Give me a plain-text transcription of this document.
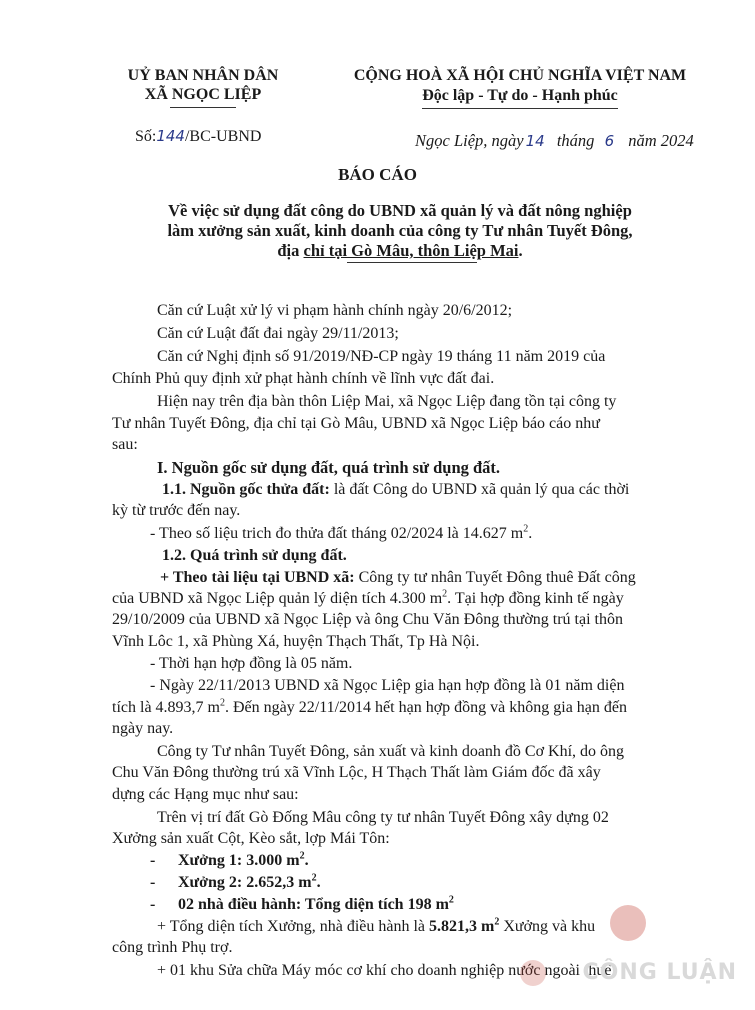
UỶ BAN NHÂN DÂN
XÃ NGỌC LIỆP
CỘNG HOÀ XÃ HỘI CHỦ NGHĨA VIỆT NAM
Độc lập - Tự do - Hạnh phúc
Số:144/BC-UBND	Ngọc Liệp, ngày 14 tháng 6 năm 2024
BÁO CÁO
Về việc sử dụng đất công do UBND xã quản lý và đất nông nghiệp
làm xưởng sản xuất, kinh doanh của công ty Tư nhân Tuyết Đông,
địa chỉ tại Gò Mâu, thôn Liệp Mai.
Căn cứ Luật xử lý vi phạm hành chính ngày 20/6/2012;
Căn cứ Luật đất đai ngày 29/11/2013;
Căn cứ Nghị định số 91/2019/NĐ-CP ngày 19 tháng 11 năm 2019 của
Chính Phủ quy định xử phạt hành chính về lĩnh vực đất đai.
Hiện nay trên địa bàn thôn Liệp Mai, xã Ngọc Liệp đang tồn tại công ty
Tư nhân Tuyết Đông, địa chỉ tại Gò Mâu, UBND xã Ngọc Liệp báo cáo như
sau:
I. Nguồn gốc sử dụng đất, quá trình sử dụng đất.
1.1. Nguồn gốc thửa đất: là đất Công do UBND xã quản lý qua các thời
kỳ từ trước đến nay.
- Theo số liệu trich đo thửa đất tháng 02/2024 là 14.627 $m^2$.
1.2. Quá trình sử dụng đất.
+ Theo tài liệu tại UBND xã: Công ty tư nhân Tuyết Đông thuê Đất công
của UBND xã Ngọc Liệp quản lý diện tích 4.300 $m^2$. Tại hợp đồng kinh tế ngày
29/10/2009 của UBND xã Ngọc Liệp và ông Chu Văn Đông thường trú tại thôn
Vĩnh Lôc 1, xã Phùng Xá, huyện Thạch Thất, Tp Hà Nội.
- Thời hạn hợp đồng là 05 năm.
- Ngày 22/11/2013 UBND xã Ngọc Liệp gia hạn hợp đồng là 01 năm diện
tích là 4.893,7 $m^2$. Đến ngày 22/11/2014 hết hạn hợp đồng và không gia hạn đến
ngày nay.
Công ty Tư nhân Tuyết Đông, sản xuất và kinh doanh đồ Cơ Khí, do ông
Chu Văn Đông thường trú xã Vĩnh Lộc, H Thạch Thất làm Giám đốc đã xây
dựng các Hạng mục như sau:
Trên vị trí đất Gò Đống Mâu công ty tư nhân Tuyết Đông xây dựng 02
Xưởng sản xuất Cột, Kèo sắt, lợp Mái Tôn:
- Xưởng 1: 3.000 $m^2$.
- Xưởng 2: 2.652,3 $m^2$.
- 02 nhà điều hành: Tổng diện tích 198 $m^2$
+ Tổng diện tích Xưởng, nhà điều hành là 5.821,3 $m^2$ Xưởng và khu
công trình Phụ trợ.
+ 01 khu Sửa chữa Máy móc cơ khí cho doanh nghiệp nước ngoài thuê
CÔNG LUẬN
